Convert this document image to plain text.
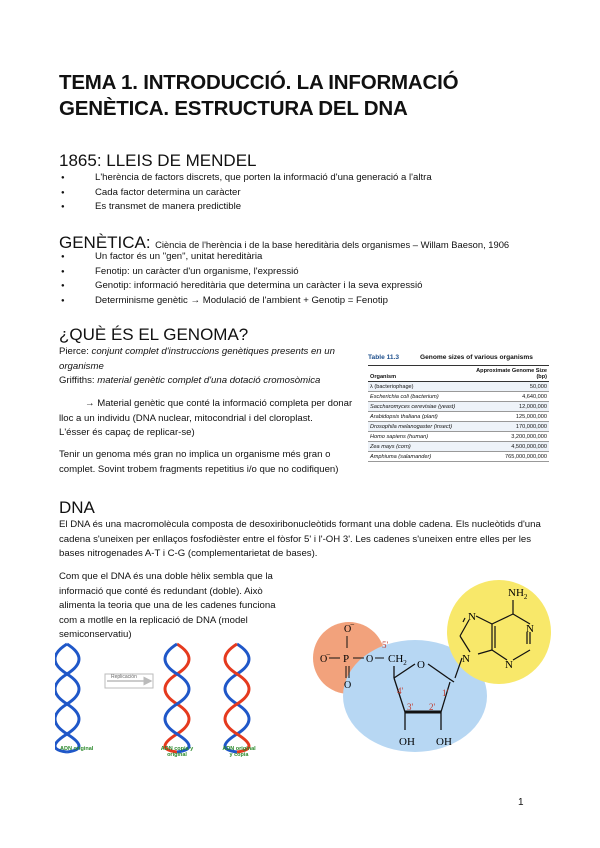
TEMA 1. INTRODUCCIÓ. LA INFORMACIÓ GENÈTICA. ESTRUCTURA DEL DNA
1865: LLEIS DE MENDEL
● L'herència de factors discrets, que porten la informació d'una generació a l'altra
● Cada factor determina un caràcter
● Es transmet de manera predictible
GENÈTICA: Ciència de l'herència i de la base hereditària dels organismes – Willam Baeson, 1906
● Un factor és un "gen", unitat hereditària
● Fenotip: un caràcter d'un organisme, l'expressió
● Genotip: informació hereditària que determina un caràcter i la seva expressió
● Determinisme genètic → Modulació de l'ambient + Genotip = Fenotip
¿QUÈ ÉS EL GENOMA?
Pierce: conjunt complet d'instruccions genètiques presents en un organisme
Griffiths: material genètic complet d'una dotació cromosòmica
→ Material genètic que conté la informació completa per donar
lloc a un individu (DNA nuclear, mitocondrial i del cloroplast.
L'ésser és capaç de replicar-se)
Tenir un genoma més gran no implica un organisme més gran o complet. Sovint trobem fragments repetitius i/o que no codifiquen)
Table 11.3	Genome sizes of various organisms
Organism	Approximate Genome Size (bp)
λ (bacteriophage)	50,000
Escherichia coli (bacterium)	4,640,000
Saccharomyces cerevisiae (yeast)	12,000,000
Arabidopsis thaliana (plant)	125,000,000
Drosophila melanogaster (insect)	170,000,000
Homo sapiens (human)	3,200,000,000
Zea mays (corn)	4,500,000,000
Amphiuma (salamander)	765,000,000,000
DNA
El DNA és una macromolècula composta de desoxiribonucleòtids formant una doble cadena. Els nucleòtids d'una cadena s'uneixen per enllaços fosfodièster entre el fòsfor 5' i l'-OH 3'. Les cadenes s'uneixen entre elles per les bases nitrogenades A-T i C-G (complementarietat de bases).
Com que el DNA és una doble hèlix sembla que la informació que conté és redundant (doble). Això alimenta la teoria que una de les cadenes funciona com a motlle en la replicació de DNA (model semiconservatiu)
Replicación
ADN original	ADN copia y original
ADN original y copia
O
−
O
− P O
O
5'
$CH_2$ O
4'	1'
3' 2'
OH OH
$NH_2$
N
N
N
N
1
